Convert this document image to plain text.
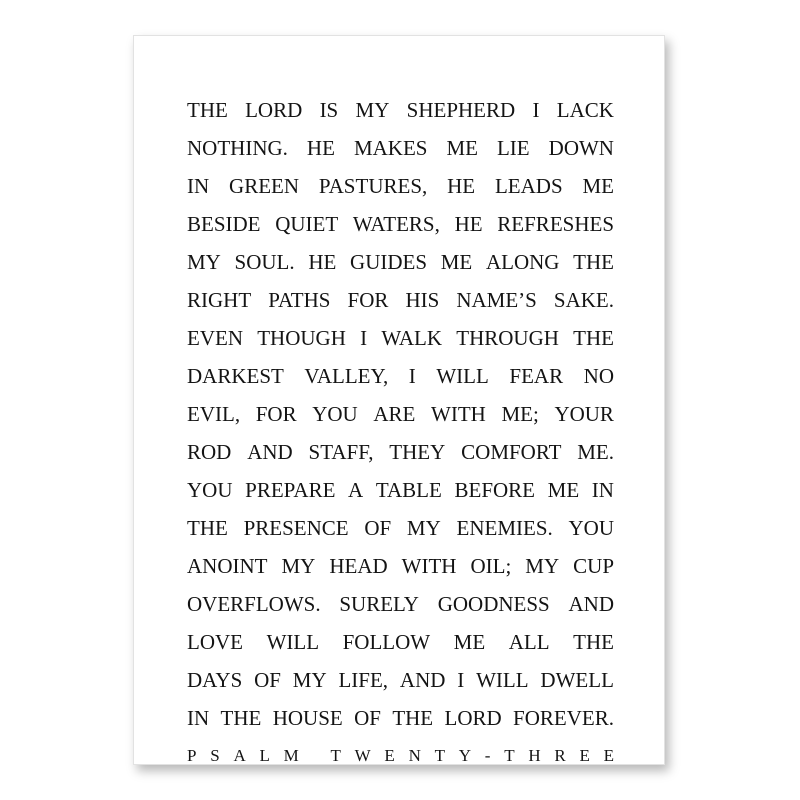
THE LORD IS MY SHEPHERD I LACK
NOTHING. HE MAKES ME LIE DOWN
IN GREEN PASTURES, HE LEADS ME
BESIDE QUIET WATERS, HE REFRESHES
MY SOUL. HE GUIDES ME ALONG THE
RIGHT PATHS FOR HIS NAME’S SAKE.
EVEN THOUGH I WALK THROUGH THE
DARKEST VALLEY, I WILL FEAR NO
EVIL, FOR YOU ARE WITH ME; YOUR
ROD AND STAFF, THEY COMFORT ME.
YOU PREPARE A TABLE BEFORE ME IN
THE PRESENCE OF MY ENEMIES. YOU
ANOINT MY HEAD WITH OIL; MY CUP
OVERFLOWS. SURELY GOODNESS AND
LOVE WILL FOLLOW ME ALL THE
DAYS OF MY LIFE, AND I WILL DWELL
IN THE HOUSE OF THE LORD FOREVER.
P S A L M
T W E N T Y - T H R E E
